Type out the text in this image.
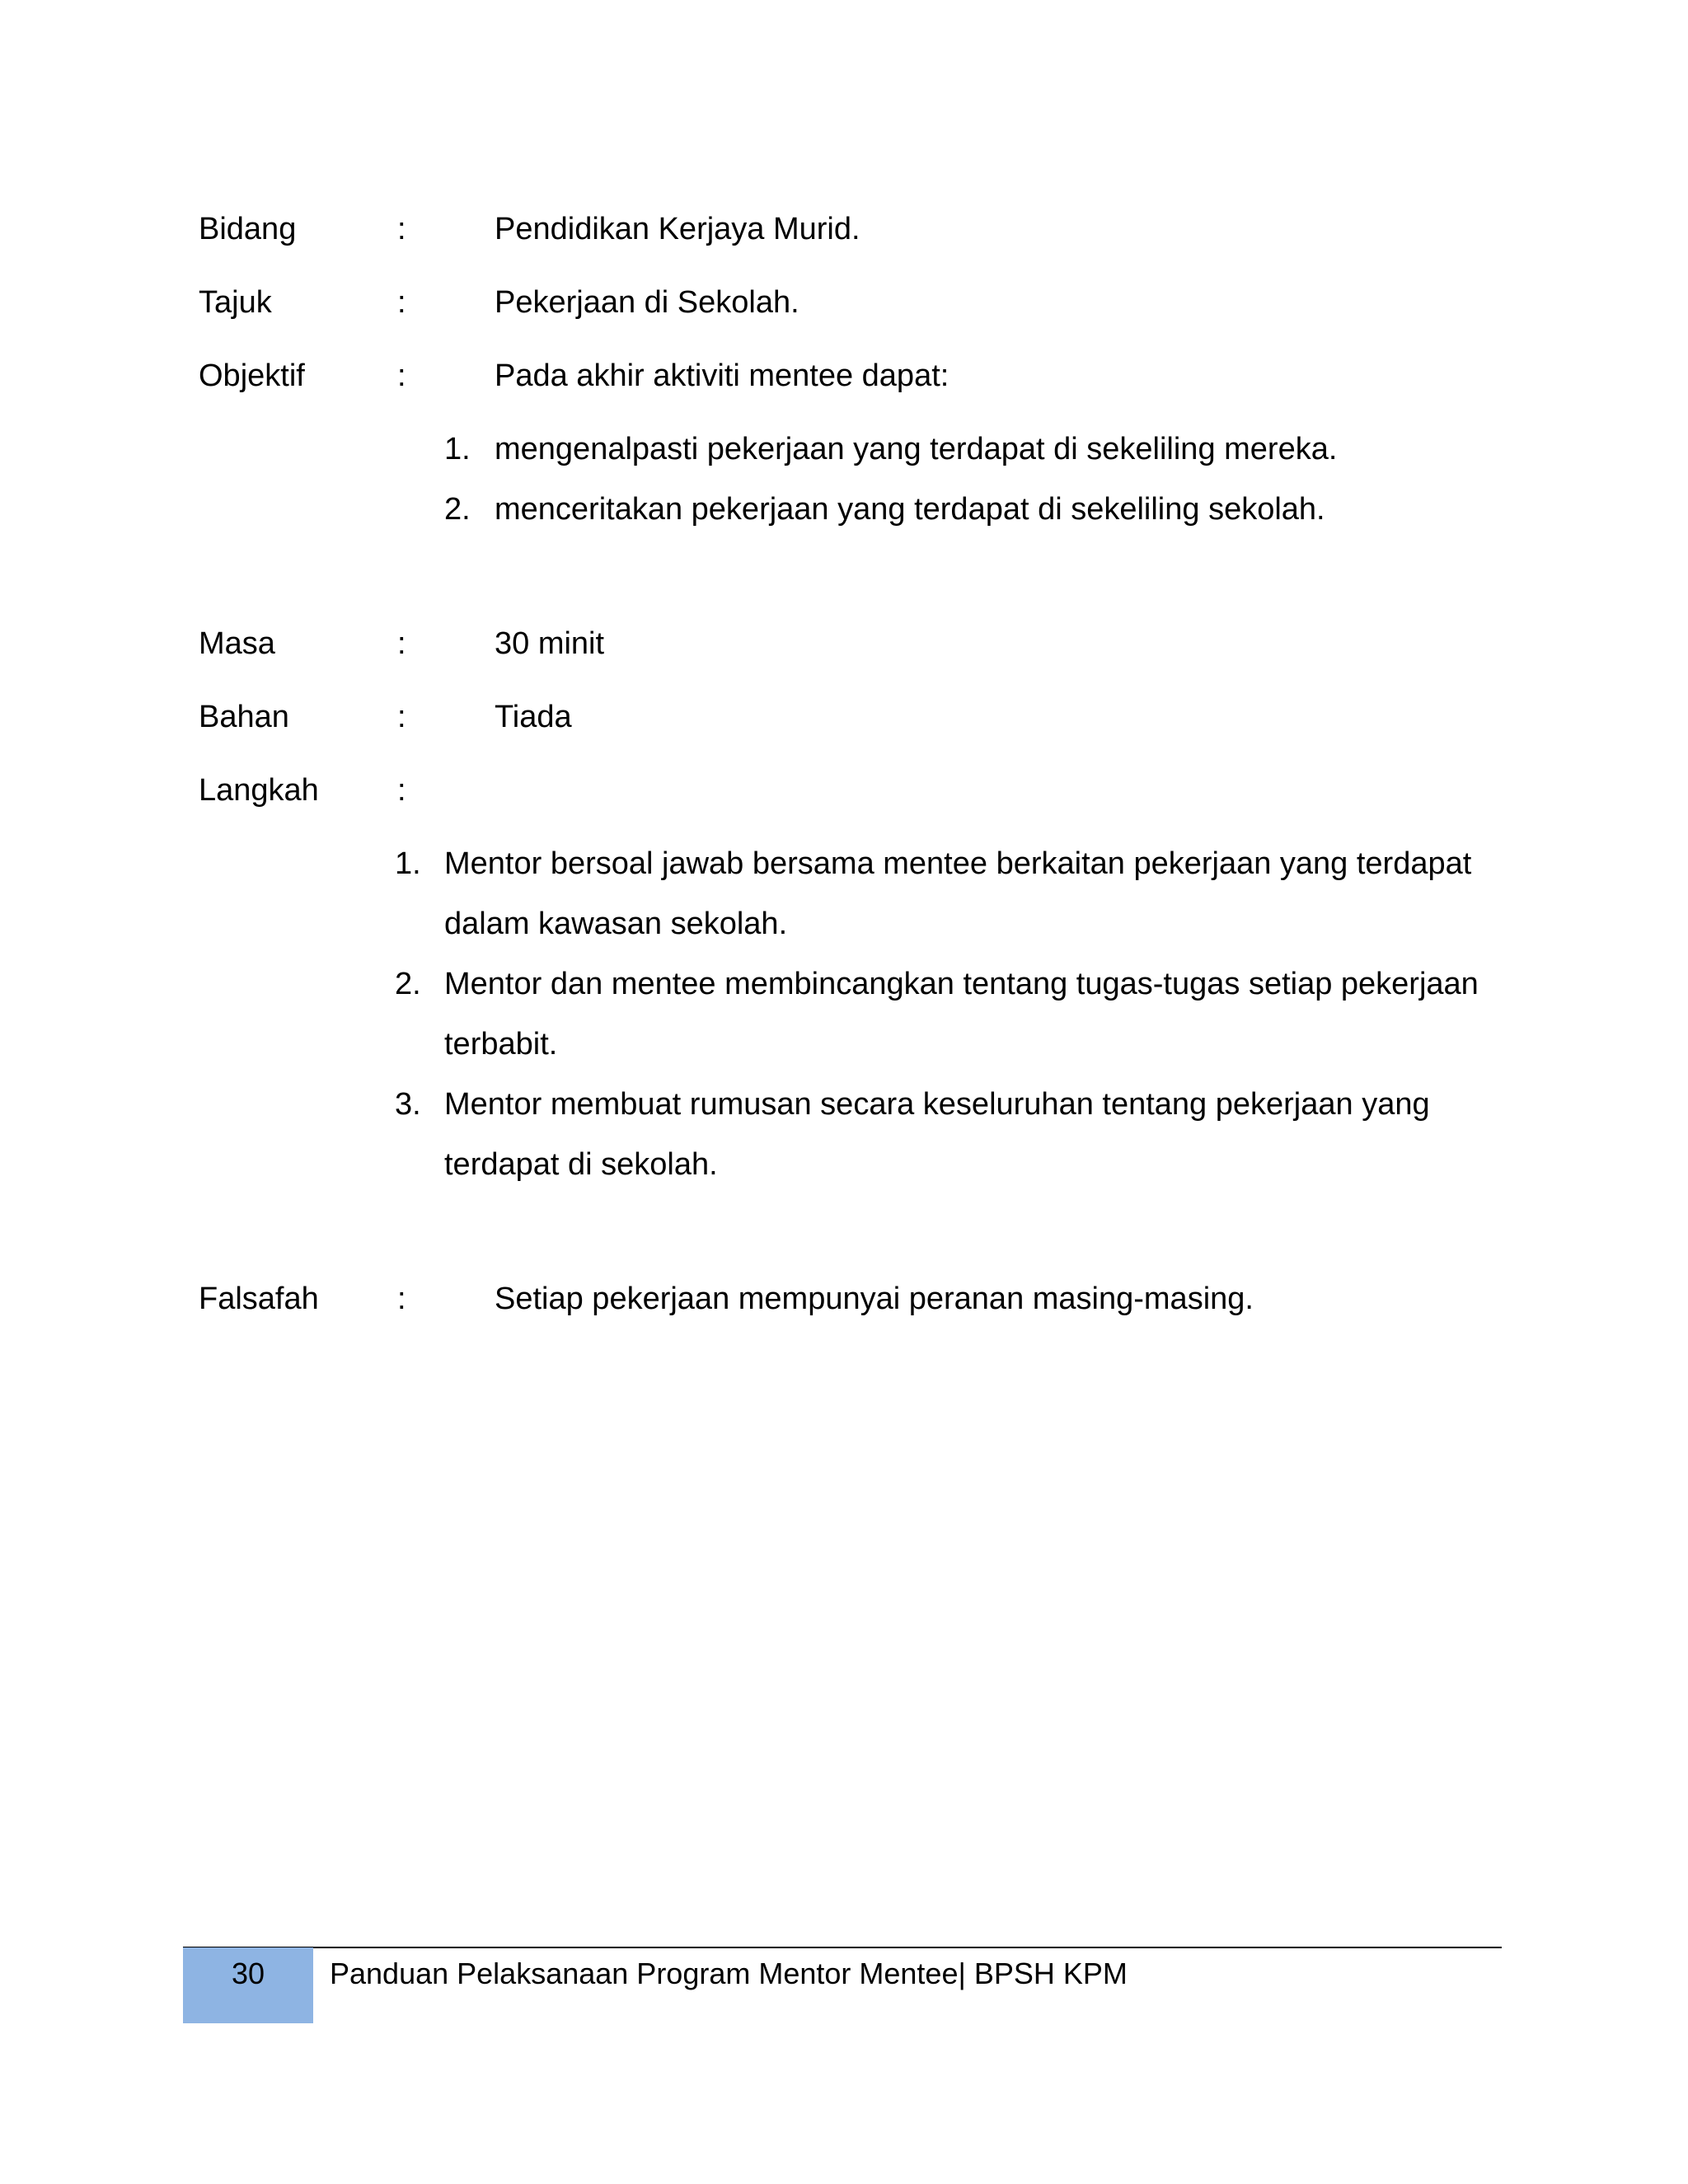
Bidang	:	Pendidikan Kerjaya Murid.
Tajuk	:	Pekerjaan di Sekolah.
Objektif	:	Pada akhir aktiviti mentee dapat:
1. mengenalpasti pekerjaan yang terdapat di sekeliling mereka.
2. menceritakan pekerjaan yang terdapat di sekeliling sekolah.
Masa	:	30 minit
Bahan	:	Tiada
Langkah	:
1. Mentor bersoal jawab bersama mentee berkaitan pekerjaan yang terdapat
dalam kawasan sekolah.
2. Mentor dan mentee membincangkan tentang tugas-tugas setiap pekerjaan
terbabit.
3. Mentor membuat rumusan secara keseluruhan tentang pekerjaan yang
terdapat di sekolah.
Falsafah	:	Setiap pekerjaan mempunyai peranan masing-masing.
30	Panduan Pelaksanaan Program Mentor Mentee| BPSH KPM
